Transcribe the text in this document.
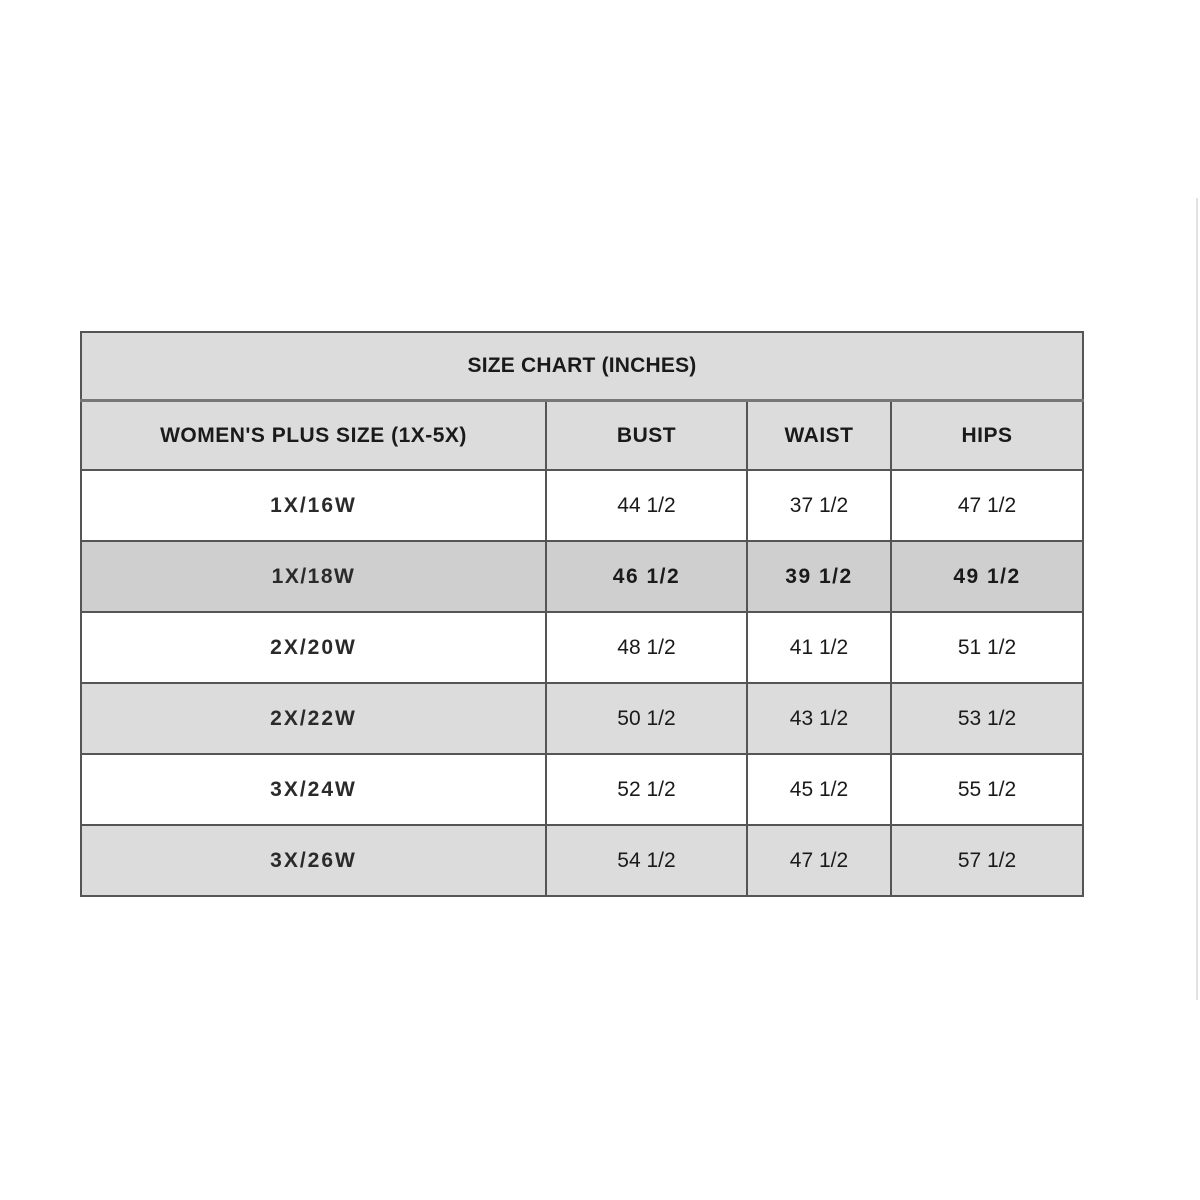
SIZE CHART (INCHES)			
WOMEN'S PLUS SIZE (1X-5X)	BUST	WAIST	HIPS
1X/16W	44 1/2	37 1/2	47 1/2
1X/18W	46 1/2	39 1/2	49 1/2
2X/20W	48 1/2	41 1/2	51 1/2
2X/22W	50 1/2	43 1/2	53 1/2
3X/24W	52 1/2	45 1/2	55 1/2
3X/26W	54 1/2	47 1/2	57 1/2
